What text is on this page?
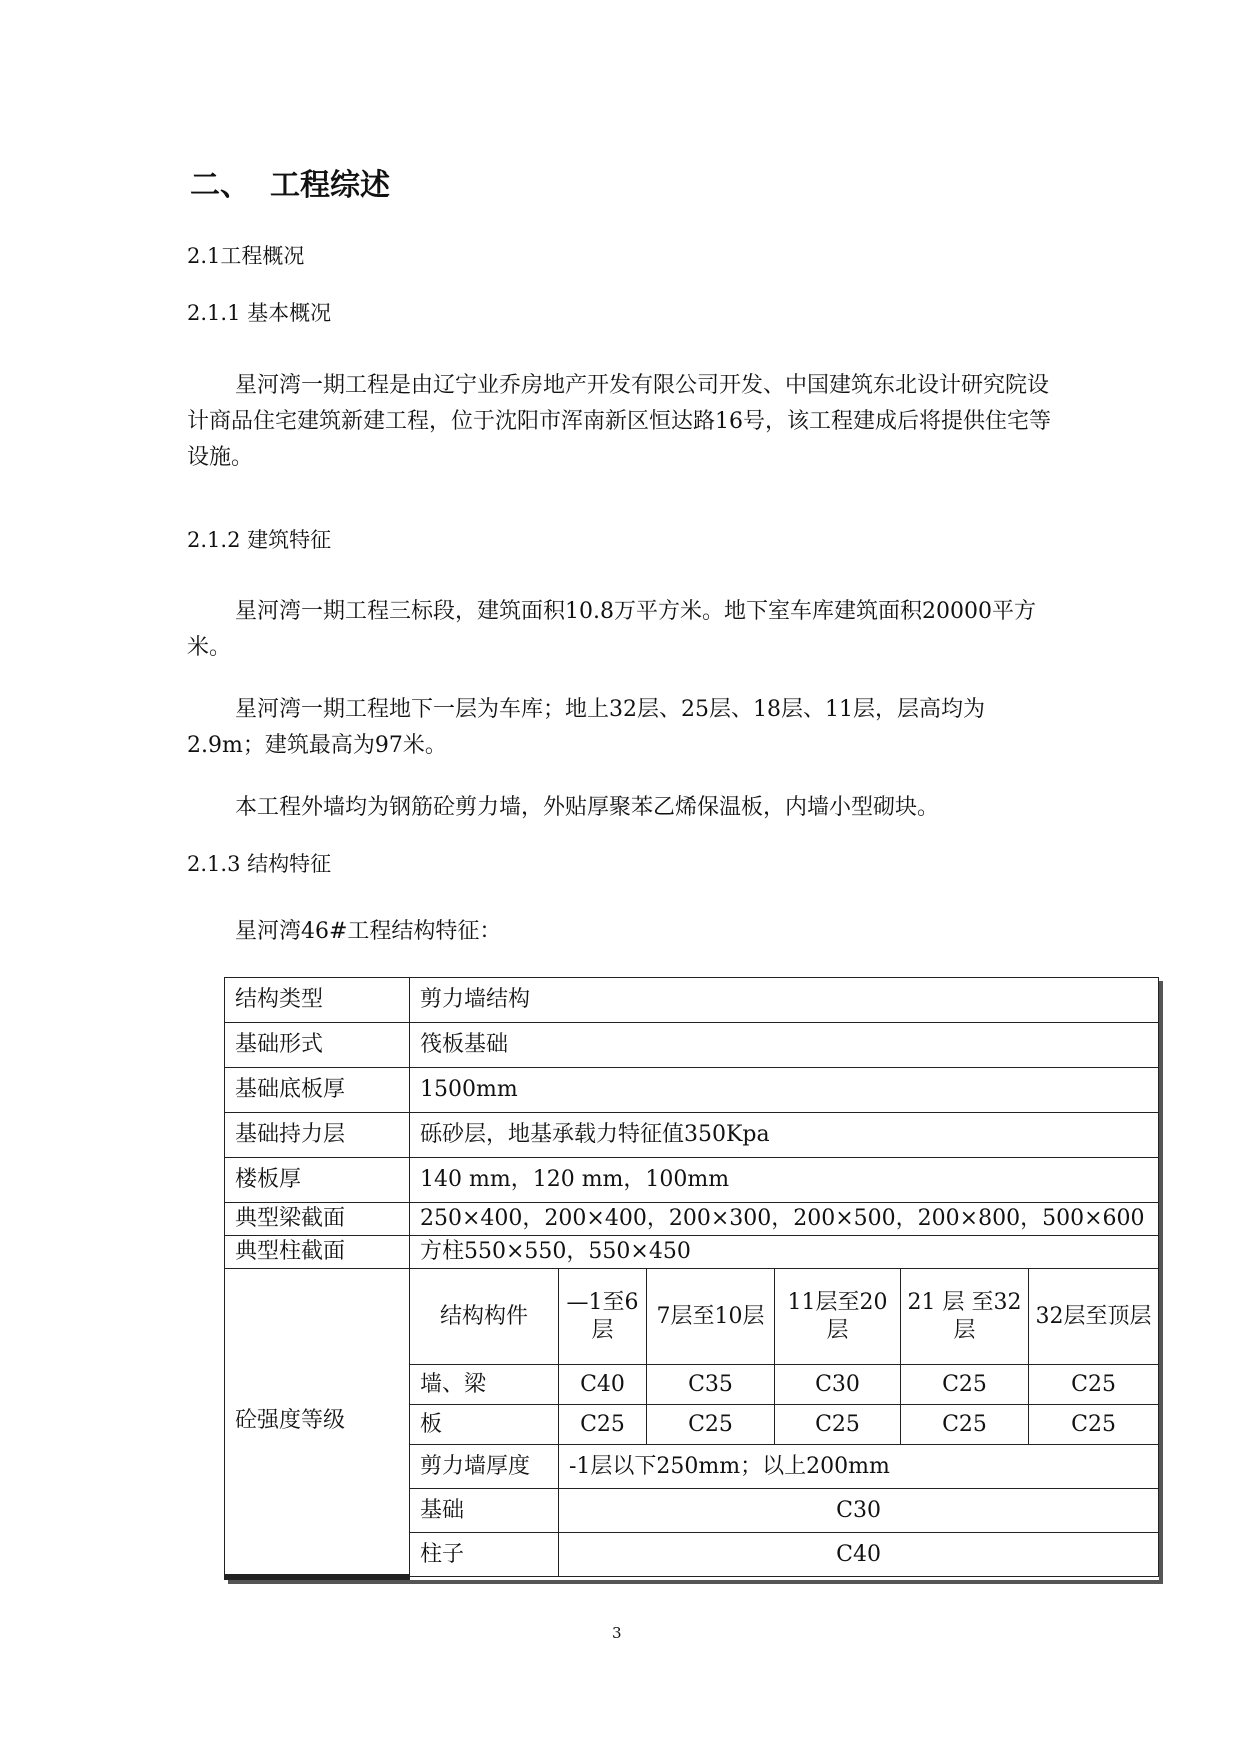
二、 工程综述
2.1工程概况
2.1.1 基本概况
星河湾一期工程是由辽宁业乔房地产开发有限公司开发、中国建筑东北设计研究院设计商品住宅建筑新建工程，位于沈阳市浑南新区恒达路16号，该工程建成后将提供住宅等设施。
2.1.2 建筑特征
星河湾一期工程三标段，建筑面积10.8万平方米。地下室车库建筑面积20000平方米。
星河湾一期工程地下一层为车库；地上32层、25层、18层、11层，层高均为2.9m；建筑最高为97米。
本工程外墙均为钢筋砼剪力墙，外贴厚聚苯乙烯保温板，内墙小型砌块。
2.1.3 结构特征
星河湾46#工程结构特征：
结构类型	剪力墙结构					
基础形式	筏板基础					
基础底板厚	1500mm					
基础持力层	砾砂层，地基承载力特征值350Kpa					
楼板厚	140 mm，120 mm，100mm					
典型梁截面	250×400，200×400，200×300，200×500，200×800，500×600					
典型柱截面	方柱550×550，550×450					
砼强度等级	结构构件	—1至6层	7层至10层	11层至20层	21 层 至32层	32层至顶层
	墙、梁	C40	C35	C30	C25	C25
	板	C25	C25	C25	C25	C25
	剪力墙厚度	-1层以下250mm；以上200mm				
	基础	C30				
	柱子	C40				
3
